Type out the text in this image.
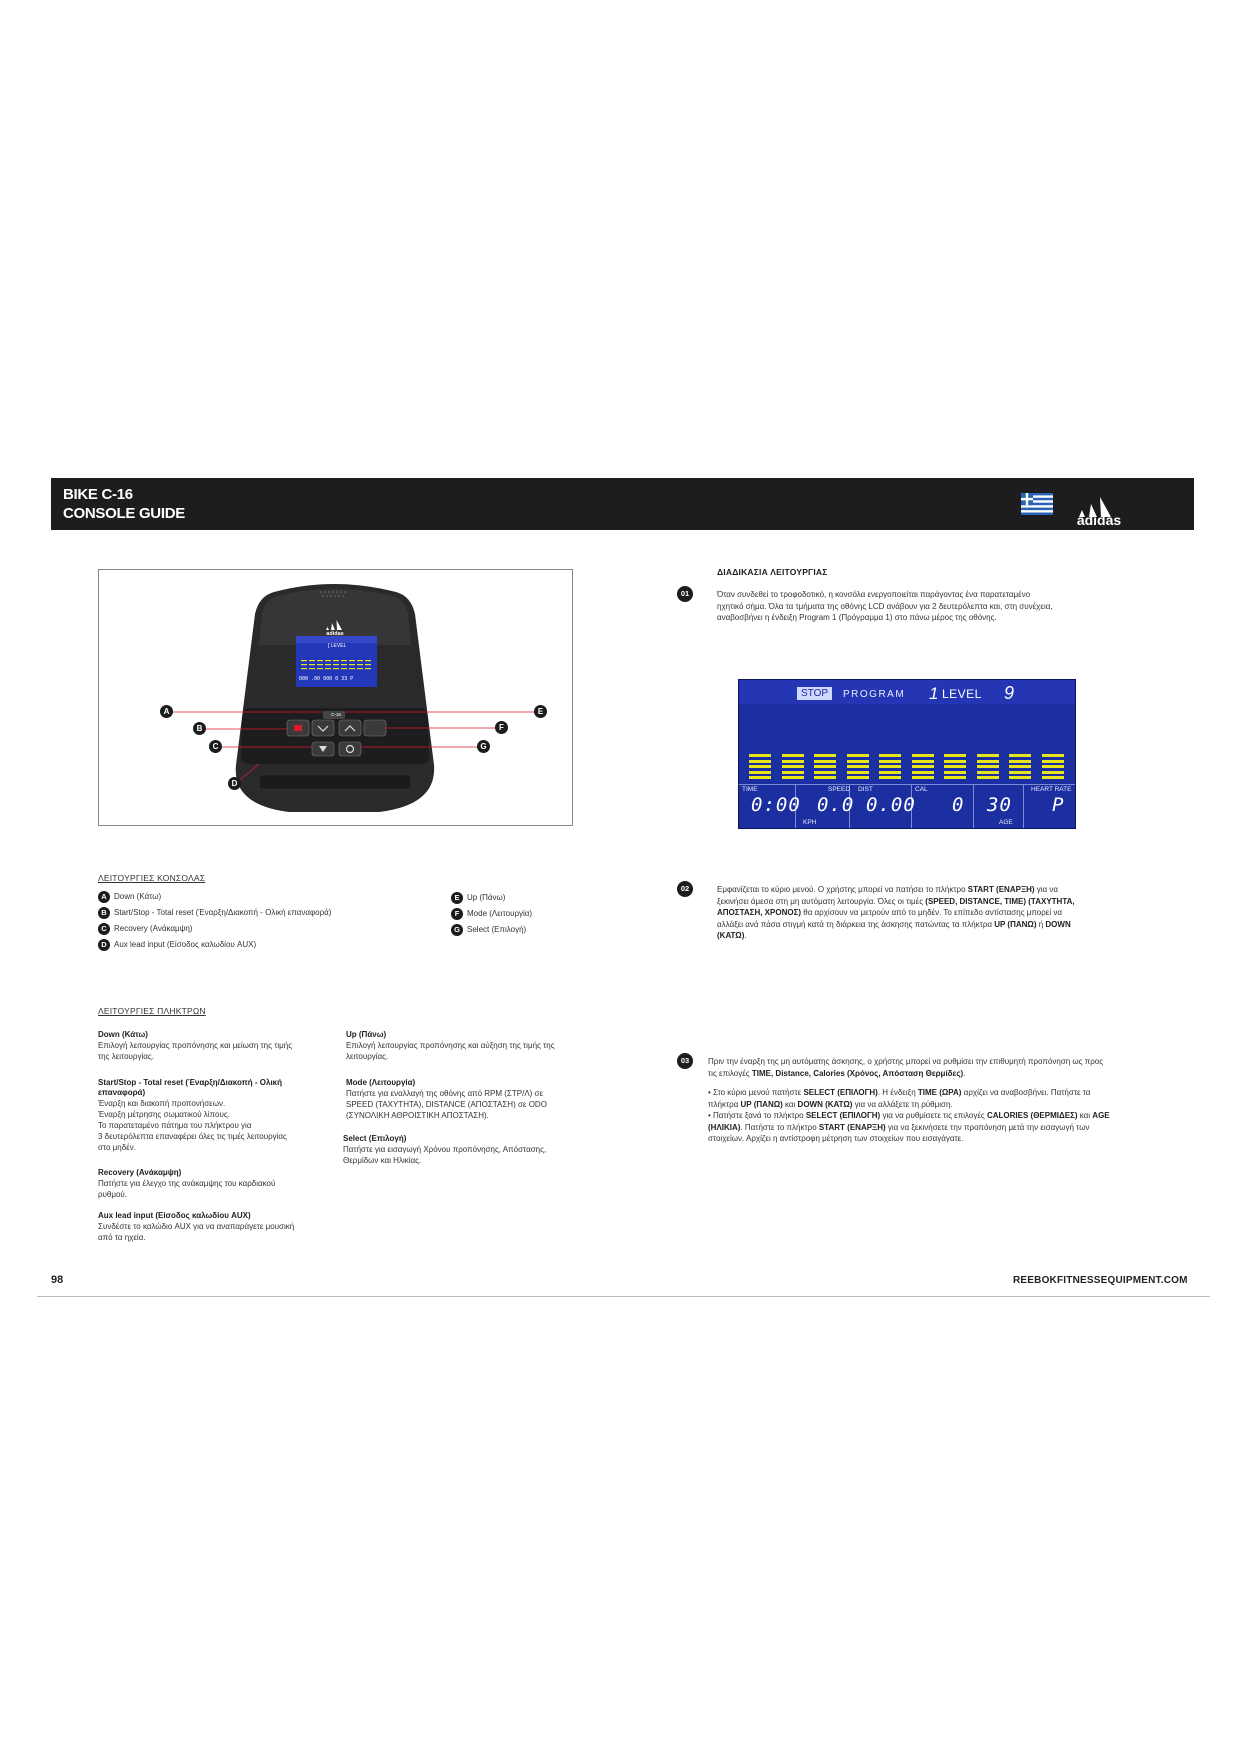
BIKE C-16
CONSOLE GUIDE	adidas
A
B
C
D
E
F
G
[ LEVEL
000 .00 000 0 33 P
C-16
adidas
ΛΕΙΤΟΥΡΓΙΕΣ ΚΟΝΣΟΛΑΣ
A Down (Κάτω)
B Start/Stop - Total reset (Έναρξη/Διακοπή - Ολική επαναφορά)
C Recovery (Ανάκαμψη)
D Aux lead input (Είσοδος καλωδίου AUX)
E Up (Πάνω)
F Mode (Λειτουργία)
G Select (Επιλογή)
ΛΕΙΤΟΥΡΓΙΕΣ ΠΛΗΚΤΡΩΝ
Down (Κάτω)
Επιλογή λειτουργίας προπόνησης και μείωση της τιμής
της λειτουργίας.
Start/Stop - Total reset (Έναρξη/Διακοπή - Ολική
επαναφορά)
Έναρξη και διακοπή προπονήσεων.
Έναρξη μέτρησης σωματικού λίπους.
Το παρατεταμένο πάτημα του πλήκτρου για
3 δευτερόλεπτα επαναφέρει όλες τις τιμές λειτουργίας
στο μηδέν.
Recovery (Ανάκαμψη)
Πατήστε για έλεγχο της ανάκαμψης του καρδιακού
ρυθμού.
Aux lead input (Είσοδος καλωδίου AUX)
Συνδέστε το καλώδιο AUX για να αναπαράγετε μουσική
από τα ηχεία.
Up (Πάνω)
Επιλογή λειτουργίας προπόνησης και αύξηση της τιμής της
λειτουργίας.
Mode (Λειτουργία)
Πατήστε για εναλλαγή της οθόνης από RPM (ΣΤΡ/Λ) σε
SPEED (ΤΑΧΥΤΗΤΑ), DISTANCE (ΑΠΟΣΤΑΣΗ) σε ODO
(ΣΥΝΟΛΙΚΗ ΑΘΡΟΙΣΤΙΚΗ ΑΠΟΣΤΑΣΗ).
Select (Επιλογή)
Πατήστε για εισαγωγή Χρόνου προπόνησης, Απόστασης,
Θερμίδων και Ηλικίας.
ΔΙΑΔΙΚΑΣΙΑ ΛΕΙΤΟΥΡΓΙΑΣ
01	Όταν συνδεθεί το τροφοδοτικό, η κονσόλα ενεργοποιείται παράγοντας ένα παρατεταμένο
ηχητικό σήμα. Όλα τα τμήματα της οθόνης LCD ανάβουν για 2 δευτερόλεπτα και, στη συνέχεια,
αναβοσβήνει η ένδειξη Program 1 (Πρόγραμμα 1) στο πάνω μέρος της οθόνης.
STOP	PROGRAM 1 LEVEL 9
TIME	SPEED DIST	CAL	HEART RATE
0:00 0.0 0.00 0 30 P
KPH	AGE
02	Εμφανίζεται το κύριο μενού. Ο χρήστης μπορεί να πατήσει το πλήκτρο START (ΕΝΑΡΞΗ) για να
ξεκινήσει άμεσα στη μη αυτόματη λειτουργία. Όλες οι τιμές (SPEED, DISTANCE, TIME) (ΤΑΧΥΤΗΤΑ,
ΑΠΟΣΤΑΣΗ, ΧΡΟΝΟΣ) θα αρχίσουν να μετρούν από το μηδέν. Το επίπεδο αντίστασης μπορεί να
αλλάξει ανά πάσα στιγμή κατά τη διάρκεια της άσκησης πατώντας τα πλήκτρα UP (ΠΑΝΩ) ή DOWN
(ΚΑΤΩ).
03	Πριν την έναρξη της μη αυτόματης άσκησης, ο χρήστης μπορεί να ρυθμίσει την επιθυμητή προπόνηση ως προς
τις επιλογές TIME, Distance, Calories (Χρόνος, Απόσταση Θερμίδες).
• Στο κύριο μενού πατήστε SELECT (ΕΠΙΛΟΓΗ). Η ένδειξη TIME (ΩΡΑ) αρχίζει να αναβοσβήνει. Πατήστε τα
πλήκτρα UP (ΠΑΝΩ) και DOWN (ΚΑΤΩ) για να αλλάξετε τη ρύθμιση.
• Πατήστε ξανά το πλήκτρο SELECT (ΕΠΙΛΟΓΗ) για να ρυθμίσετε τις επιλογές CALORIES (ΘΕΡΜΙΔΕΣ) και AGE
(ΗΛΙΚΙΑ). Πατήστε το πλήκτρο START (ΕΝΑΡΞΗ) για να ξεκινήσετε την προπόνηση μετά την εισαγωγή των
στοιχείων. Αρχίζει η αντίστροφη μέτρηση των στοιχείων που εισαγάγατε.
98	REEBOKFITNESSEQUIPMENT.COM
